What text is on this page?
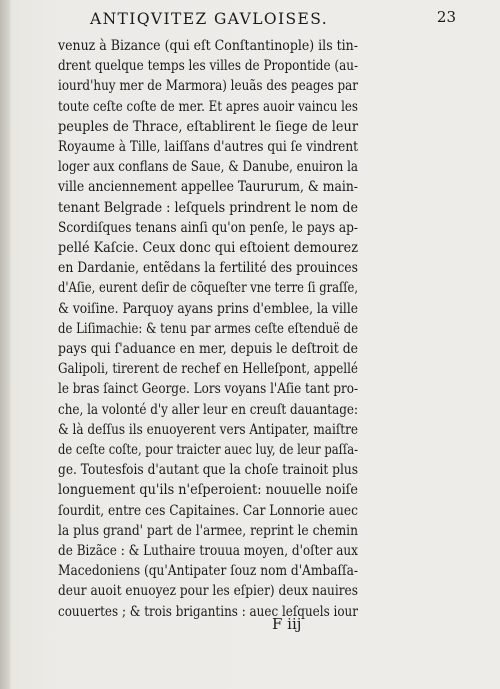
ANTIQVITEZ GAVLOISES.	23
venuz à Bizance (qui eſt Conſtantinople) ils tin-
drent quelque temps les villes de Propontide (au-
iourd'huy mer de Marmora) leuãs des peages par
toute ceſte coſte de mer. Et apres auoir vaincu les
peuples de Thrace, eſtablirent le ſiege de leur
Royaume à Tille, laiſſans d'autres qui ſe vindrent
loger aux conflans de Saue, & Danube, enuiron la
ville anciennement appellee Taururum, & main-
tenant Belgrade : leſquels prindrent le nom de
Scordiſques tenans ainſi qu'on penſe, le pays ap-
pellé Kaſcie. Ceux donc qui eſtoient demourez
en Dardanie, entẽdans la fertilité des prouinces
d'Aſie, eurent deſir de cõqueſter vne terre ſi graſſe,
& voiſine. Parquoy ayans prins d'emblee, la ville
de Liſimachie: & tenu par armes ceſte eſtenduë de
pays qui ſ'aduance en mer, depuis le deſtroit de
Galipoli, tirerent de rechef en Helleſpont, appellé
le bras ſainct George. Lors voyans l'Aſie tant pro-
che, la volonté d'y aller leur en creuſt dauantage:
& là deſſus ils enuoyerent vers Antipater, maiſtre
de ceſte coſte, pour traicter auec luy, de leur paſſa-
ge. Toutesfois d'autant que la choſe trainoit plus
longuement qu'ils n'eſperoient: nouuelle noiſe
ſourdit, entre ces Capitaines. Car Lonnorie auec
la plus grand' part de l'armee, reprint le chemin
de Bizãce : & Luthaire trouua moyen, d'oſter aux
Macedoniens (qu'Antipater ſouz nom d'Ambaſſa-
deur auoit enuoyez pour les eſpier) deux nauires
couuertes ; & trois brigantins : auec leſquels iour
F iij
